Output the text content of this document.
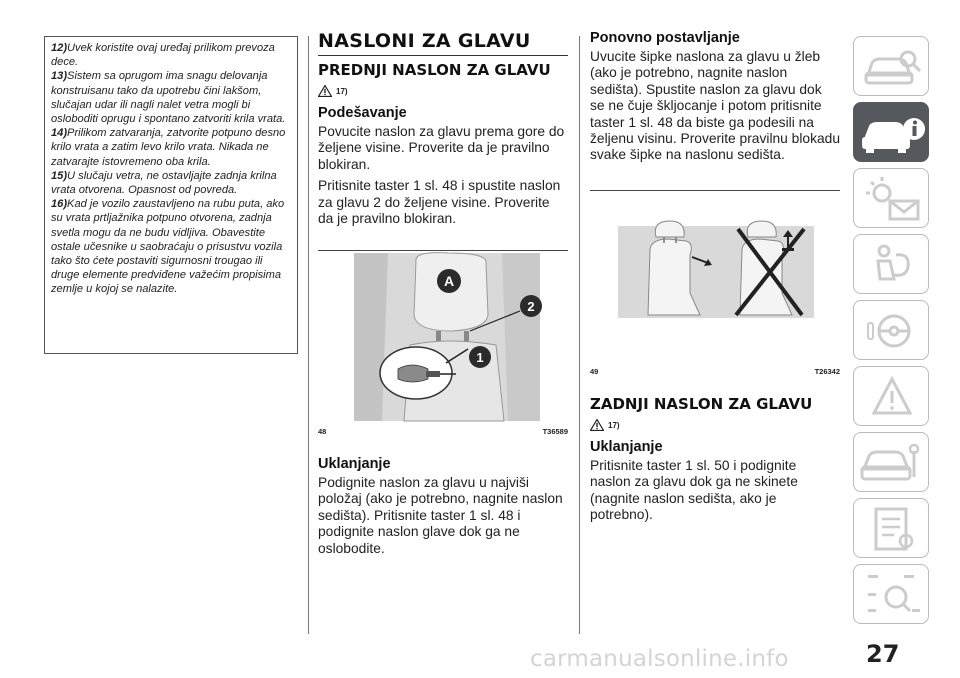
12)Uvek koristite ovaj uređaj prilikom prevoza dece.
13)Sistem sa oprugom ima snagu delovanja konstruisanu tako da upotrebu čini lakšom, slučajan udar ili nagli nalet vetra mogli bi osloboditi oprugu i spontano zatvoriti krila vrata.
14)Prilikom zatvaranja, zatvorite potpuno desno krilo vrata a zatim levo krilo vrata. Nikada ne zatvarajte istovremeno oba krila.
15)U slučaju vetra, ne ostavljajte zadnja krilna vrata otvorena. Opasnost od povreda.
16)Kad je vozilo zaustavljeno na rubu puta, ako su vrata prtljažnika potpuno otvorena, zadnja svetla mogu da ne budu vidljiva. Obavestite ostale učesnike u saobraćaju o prisustvu vozila tako što ćete postaviti sigurnosni trougao ili druge elemente predviđene važećim propisima zemlje u kojoj se nalazite.
NASLONI ZA GLAVU
PREDNJI NASLON ZA GLAVU
17)
Podešavanje

Povucite naslon za glavu prema gore do željene visine. Proverite da je pravilno blokiran.

Pritisnite taster 1 sl. 48 i spustite naslon za glavu 2 do željene visine. Proverite da je pravilno blokiran.

A
2
1
48	T36589
Uklanjanje

Podignite naslon za glavu u najviši položaj (ako je potrebno, nagnite naslon sedišta). Pritisnite taster 1 sl. 48 i podignite naslon glave dok ga ne oslobodite.

Ponovno postavljanje

Uvucite šipke naslona za glavu u žleb (ako je potrebno, nagnite naslon sedišta). Spustite naslon za glavu dok se ne čuje škljocanje i potom pritisnite taster 1 sl. 48 da biste ga podesili na željenu visinu. Proverite pravilnu blokadu svake šipke na naslonu sedišta.

49	T26342
ZADNJI NASLON ZA GLAVU
17)
Uklanjanje

Pritisnite taster 1 sl. 50 i podignite naslon za glavu dok ga ne skinete (nagnite naslon sedišta, ako je potrebno).

27
carmanualsonline.info
